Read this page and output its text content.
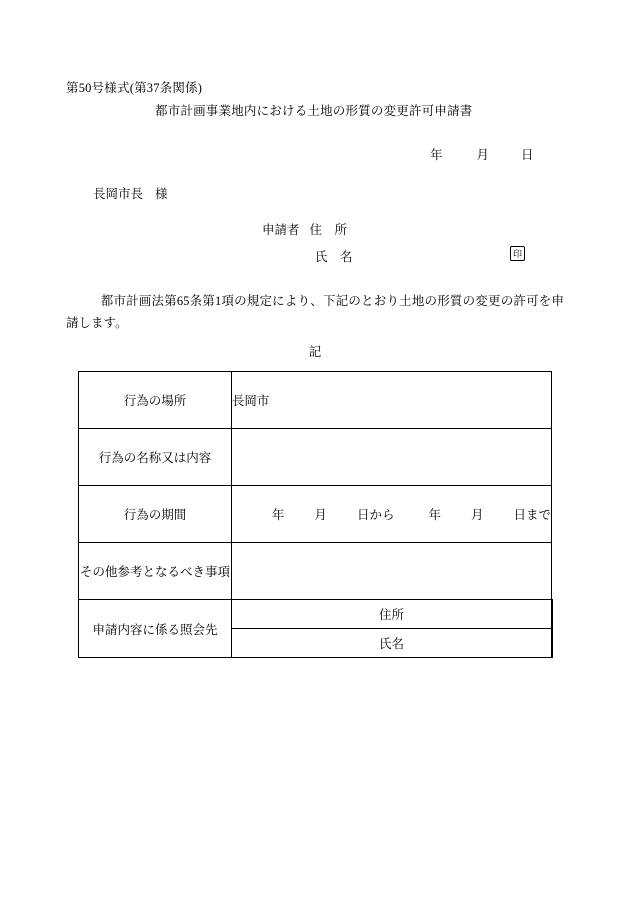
第50号様式(第37条関係)
都市計画事業地内における土地の形質の変更許可申請書
年	月	日
長岡市長 様
申請者 住　所
氏　名	印
　都市計画法第65条第1項の規定により、下記のとおり土地の形質の変更の許可を申請します。
記
行為の場所	長岡市	
行為の名称又は内容		
行為の期間	年 月 日から 年 月 日まで	

その他参考となるべき事項		
申請内容に係る照会先	住所	
	氏名	
